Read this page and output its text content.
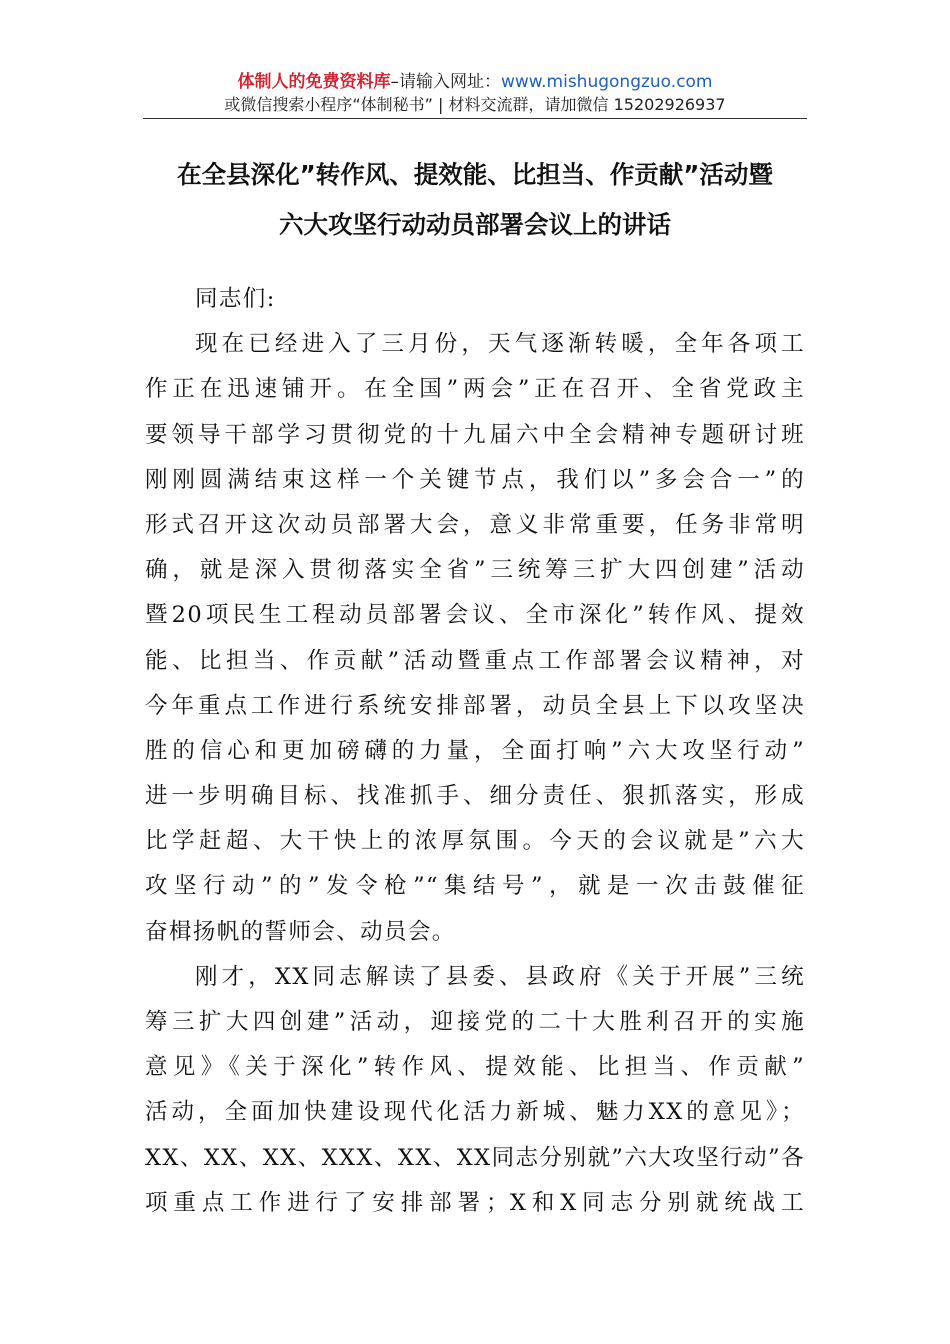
体制人的免费资料库–请输入网址：www.mishugongzuo.com
或微信搜索小程序“体制秘书” | 材料交流群，请加微信 15202926937
在全县深化”转作风、提效能、比担当、作贡献”活动暨
六大攻坚行动动员部署会议上的讲话
同志们:
现在已经进入了三月份，天气逐渐转暖，全年各项工
作正在迅速铺开。在全国”两会”正在召开、全省党政主
要领导干部学习贯彻党的十九届六中全会精神专题研讨班
刚刚圆满结束这样一个关键节点，我们以”多会合一”的
形式召开这次动员部署大会，意义非常重要，任务非常明
确，就是深入贯彻落实全省”三统筹三扩大四创建”活动
暨20项民生工程动员部署会议、全市深化”转作风、提效
能、比担当、作贡献”活动暨重点工作部署会议精神，对
今年重点工作进行系统安排部署，动员全县上下以攻坚决
胜的信心和更加磅礴的力量，全面打响”六大攻坚行动”
进一步明确目标、找准抓手、细分责任、狠抓落实，形成
比学赶超、大干快上的浓厚氛围。今天的会议就是”六大
攻坚行动”的”发令枪”“集结号”，就是一次击鼓催征
奋楫扬帆的誓师会、动员会。
刚才，XX同志解读了县委、县政府《关于开展”三统
筹三扩大四创建”活动，迎接党的二十大胜利召开的实施
意见》《关于深化”转作风、提效能、比担当、作贡献”
活动，全面加快建设现代化活力新城、魅力XX的意见》；
XX、XX、XX、XXX、XX、XX同志分别就”六大攻坚行动”各
项重点工作进行了安排部署；X和X同志分别就统战工
